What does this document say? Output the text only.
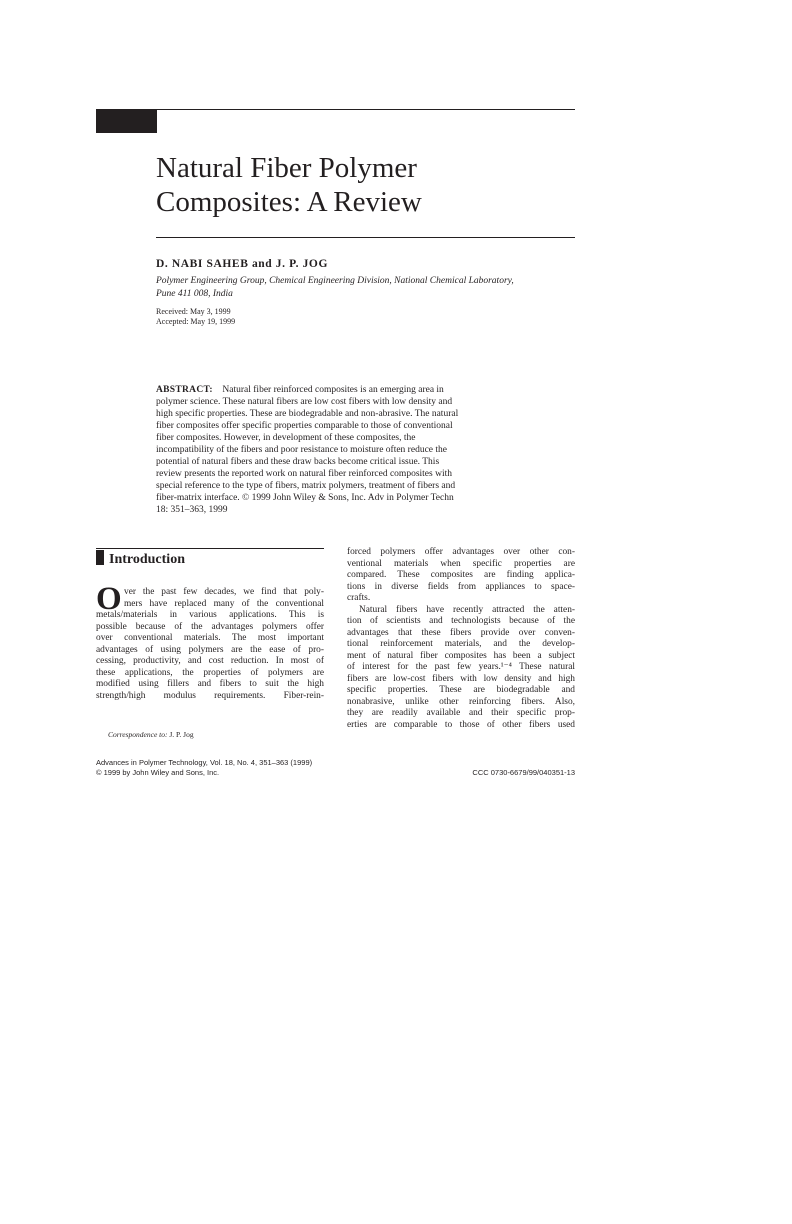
Natural Fiber Polymer
Composites: A Review
D. NABI SAHEB and J. P. JOG
Polymer Engineering Group, Chemical Engineering Division, National Chemical Laboratory,
Pune 411 008, India
Received: May 3, 1999
Accepted: May 19, 1999
ABSTRACT: Natural fiber reinforced composites is an emerging area in
polymer science. These natural fibers are low cost fibers with low density and
high specific properties. These are biodegradable and non-abrasive. The natural
fiber composites offer specific properties comparable to those of conventional
fiber composites. However, in development of these composites, the
incompatibility of the fibers and poor resistance to moisture often reduce the
potential of natural fibers and these draw backs become critical issue. This
review presents the reported work on natural fiber reinforced composites with
special reference to the type of fibers, matrix polymers, treatment of fibers and
fiber-matrix interface. © 1999 John Wiley & Sons, Inc. Adv in Polymer Techn
18: 351–363, 1999
Introduction
O ver the past few decades, we find that poly-
mers have replaced many of the conventional
metals/materials in various applications. This is
possible because of the advantages polymers offer
over conventional materials. The most important
advantages of using polymers are the ease of pro-
cessing, productivity, and cost reduction. In most of
these applications, the properties of polymers are
modified using fillers and fibers to suit the high
strength/high modulus requirements. Fiber-rein-
Correspondence to: J. P. Jog
forced polymers offer advantages over other con-
ventional materials when specific properties are
compared. These composites are finding applica-
tions in diverse fields from appliances to space-
crafts.
Natural fibers have recently attracted the atten-
tion of scientists and technologists because of the
advantages that these fibers provide over conven-
tional reinforcement materials, and the develop-
ment of natural fiber composites has been a subject
of interest for the past few years.¹⁻⁴ These natural
fibers are low-cost fibers with low density and high
specific properties. These are biodegradable and
nonabrasive, unlike other reinforcing fibers. Also,
they are readily available and their specific prop-
erties are comparable to those of other fibers used
Advances in Polymer Technology, Vol. 18, No. 4, 351–363 (1999)
© 1999 by John Wiley and Sons, Inc.	CCC 0730-6679/99/040351-13
